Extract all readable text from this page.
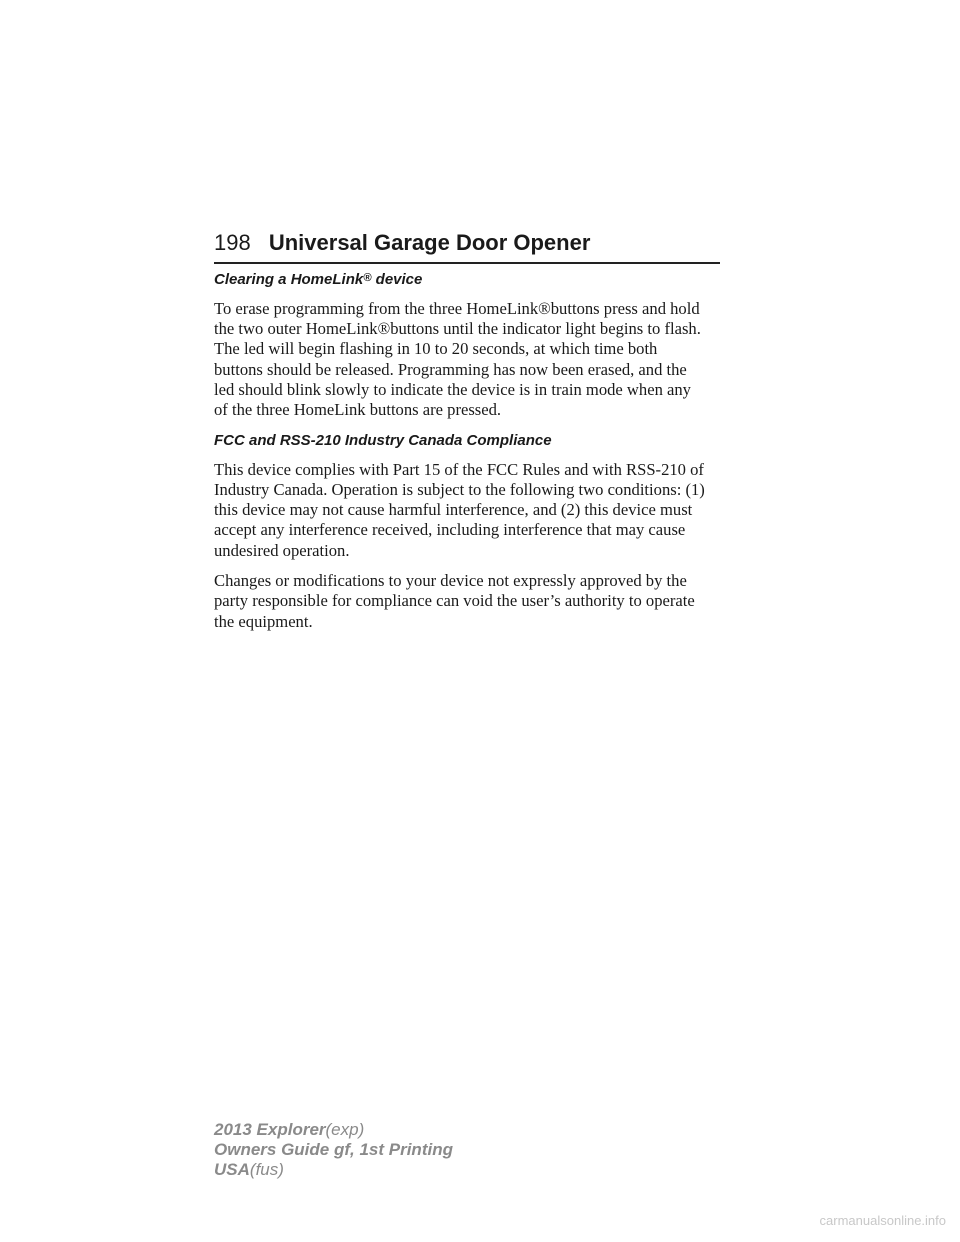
198 Universal Garage Door Opener
Clearing a HomeLink® device
To erase programming from the three HomeLink®buttons press and hold
the two outer HomeLink®buttons until the indicator light begins to flash.
The led will begin flashing in 10 to 20 seconds, at which time both
buttons should be released. Programming has now been erased, and the
led should blink slowly to indicate the device is in train mode when any
of the three HomeLink buttons are pressed.
FCC and RSS-210 Industry Canada Compliance
This device complies with Part 15 of the FCC Rules and with RSS-210 of
Industry Canada. Operation is subject to the following two conditions: (1)
this device may not cause harmful interference, and (2) this device must
accept any interference received, including interference that may cause
undesired operation.
Changes or modifications to your device not expressly approved by the
party responsible for compliance can void the user’s authority to operate
the equipment.
2013 Explorer(exp)
Owners Guide gf, 1st Printing
USA(fus)
carmanualsonline.info
